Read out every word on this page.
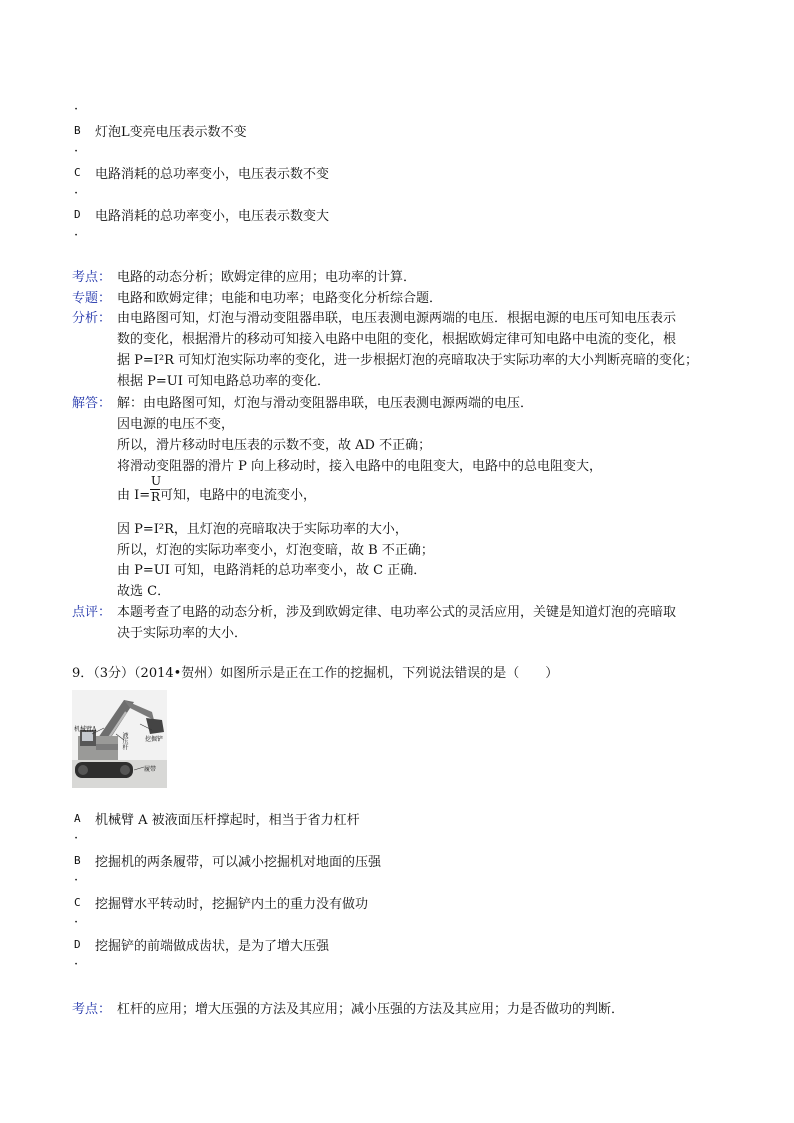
·
B 灯泡L变亮电压表示数不变
·
C 电路消耗的总功率变小，电压表示数不变
·
D 电路消耗的总功率变小，电压表示数变大
·
考点： 电路的动态分析；欧姆定律的应用；电功率的计算．
专题： 电路和欧姆定律；电能和电功率；电路变化分析综合题．
分析： 由电路图可知，灯泡与滑动变阻器串联，电压表测电源两端的电压．根据电源的电压可知电压表示
数的变化，根据滑片的移动可知接入电路中电阻的变化，根据欧姆定律可知电路中电流的变化，根
据 P=I²R 可知灯泡实际功率的变化，进一步根据灯泡的亮暗取决于实际功率的大小判断亮暗的变化；
根据 P=UI 可知电路总功率的变化．
解答： 解：由电路图可知，灯泡与滑动变阻器串联，电压表测电源两端的电压．
因电源的电压不变，
所以，滑片移动时电压表的示数不变，故 AD 不正确；
将滑动变阻器的滑片 P 向上移动时，接入电路中的电阻变大，电路中的总电阻变大，
由 I=
U
R 可知，电路中的电流变小，
因 P=I²R，且灯泡的亮暗取决于实际功率的大小，
所以，灯泡的实际功率变小，灯泡变暗，故 B 不正确；
由 P=UI 可知，电路消耗的总功率变小，故 C 正确．
故选 C．
点评： 本题考查了电路的动态分析，涉及到欧姆定律、电功率公式的灵活应用，关键是知道灯泡的亮暗取
决于实际功率的大小．
9．（3分）（2014•贺州）如图所示是正在工作的挖掘机，下列说法错误的是（　　）
机械臂A
液压杆	挖掘铲
履带
A 机械臂 A 被液面压杆撑起时，相当于省力杠杆
·
B 挖掘机的两条履带，可以减小挖掘机对地面的压强
·
C 挖掘臂水平转动时，挖掘铲内土的重力没有做功
·
D 挖掘铲的前端做成齿状，是为了增大压强
·
考点： 杠杆的应用；增大压强的方法及其应用；减小压强的方法及其应用；力是否做功的判断．
